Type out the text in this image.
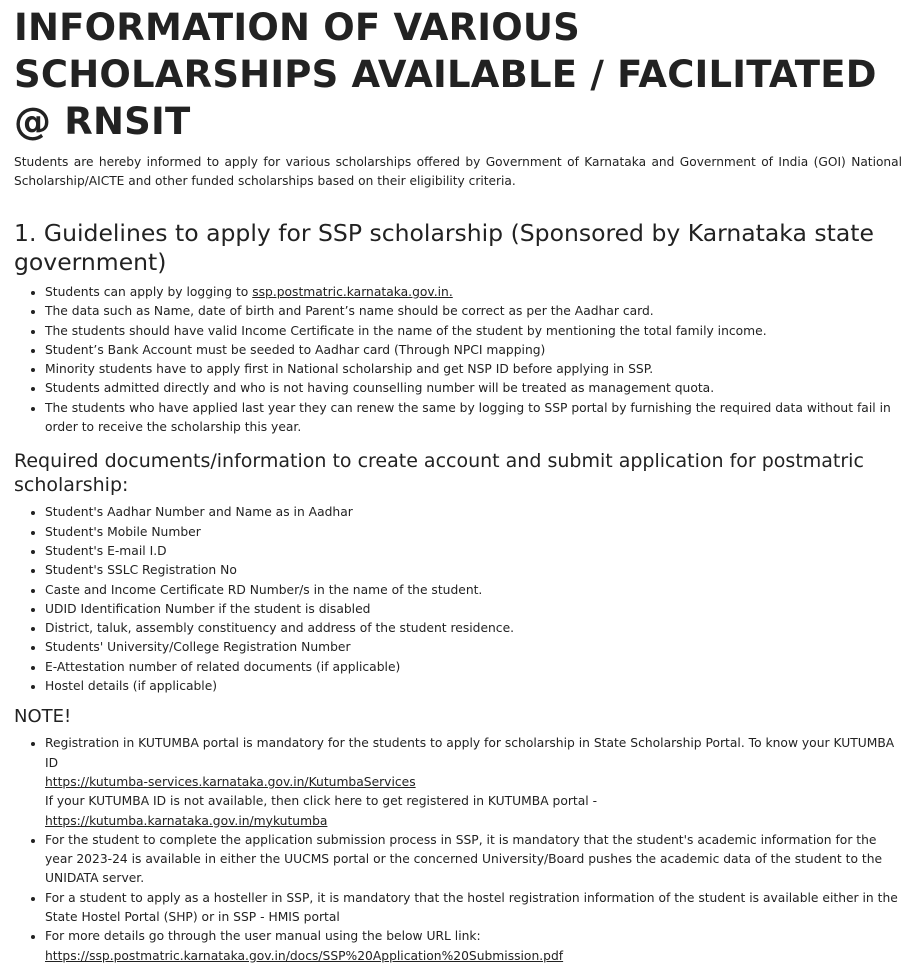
INFORMATION OF VARIOUS SCHOLARSHIPS AVAILABLE / FACILITATED @ RNSIT

Students are hereby informed to apply for various scholarships offered by Government of Karnataka and Government of India (GOI) National Scholarship/AICTE and other funded scholarships based on their eligibility criteria.

1. Guidelines to apply for SSP scholarship (Sponsored by Karnataka state government)
• Students can apply by logging to ssp.postmatric.karnataka.gov.in.
• The data such as Name, date of birth and Parent’s name should be correct as per the Aadhar card.
• The students should have valid Income Certificate in the name of the student by mentioning the total family income.
• Student’s Bank Account must be seeded to Aadhar card (Through NPCI mapping)
• Minority students have to apply first in National scholarship and get NSP ID before applying in SSP.
• Students admitted directly and who is not having counselling number will be treated as management quota.
• The students who have applied last year they can renew the same by logging to SSP portal by furnishing the required data without fail in order to receive the scholarship this year.
Required documents/information to create account and submit application for postmatric scholarship:
• Student's Aadhar Number and Name as in Aadhar
• Student's Mobile Number
• Student's E-mail I.D
• Student's SSLC Registration No
• Caste and Income Certificate RD Number/s in the name of the student.
• UDID Identification Number if the student is disabled
• District, taluk, assembly constituency and address of the student residence.
• Students' University/College Registration Number
• E-Attestation number of related documents (if applicable)
• Hostel details (if applicable)
NOTE!
• Registration in KUTUMBA portal is mandatory for the students to apply for scholarship in State Scholarship Portal. To know your KUTUMBA ID
https://kutumba-services.karnataka.gov.in/KutumbaServices
If your KUTUMBA ID is not available, then click here to get registered in KUTUMBA portal -
https://kutumba.karnataka.gov.in/mykutumba
• For the student to complete the application submission process in SSP, it is mandatory that the student's academic information for the year 2023-24 is available in either the UUCMS portal or the concerned University/Board pushes the academic data of the student to the UNIDATA server.
• For a student to apply as a hosteller in SSP, it is mandatory that the hostel registration information of the student is available either in the State Hostel Portal (SHP) or in SSP - HMIS portal
• For more details go through the user manual using the below URL link:
https://ssp.postmatric.karnataka.gov.in/docs/SSP%20Application%20Submission.pdf
